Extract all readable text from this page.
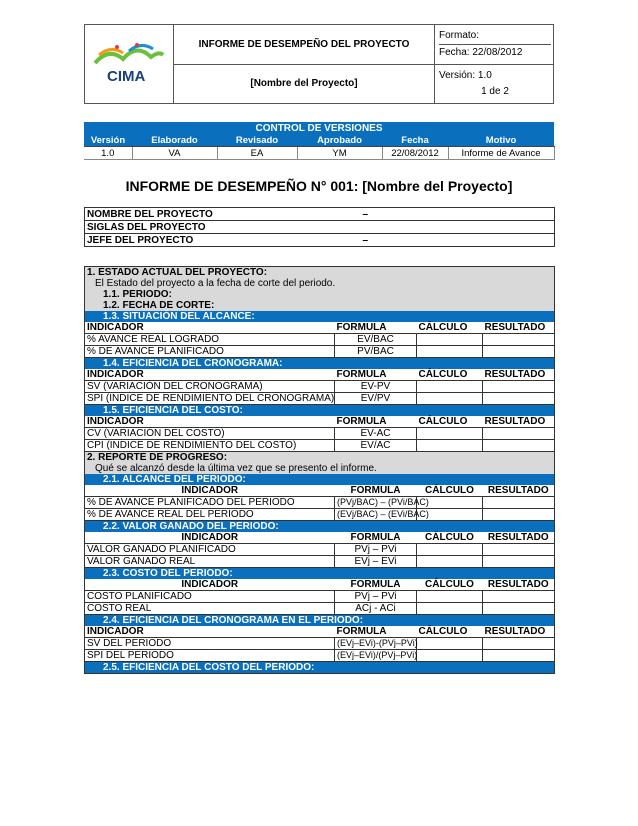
CIMA	INFORME DE DESEMPEÑO DEL PROYECTO	Formato:
Fecha: 22/08/2012

	[Nombre del Proyecto]	Versión: 1.0
1 de 2
CONTROL DE VERSIONES					
Versión	Elaborado	Revisado	Aprobado	Fecha	Motivo
1.0	VA	EA	YM	22/08/2012	Informe de Avance
INFORME DE DESEMPEÑO N° 001: [Nombre del Proyecto]
NOMBRE DEL PROYECTO	–
SIGLAS DEL PROYECTO	
JEFE DEL PROYECTO	–
1. ESTADO ACTUAL DEL PROYECTO:			
El Estado del proyecto a la fecha de corte del periodo.			
1.1. PERIODO:			
1.2. FECHA DE CORTE:			
1.3. SITUACIÓN DEL ALCANCE:			
INDICADOR	FORMULA	CÁLCULO	RESULTADO
% AVANCE REAL LOGRADO	EV/BAC		
% DE AVANCE PLANIFICADO	PV/BAC		
1.4. EFICIENCIA DEL CRONOGRAMA:			
INDICADOR	FORMULA	CÁLCULO	RESULTADO
SV (VARIACIÓN DEL CRONOGRAMA)	EV-PV		
SPI (INDICE DE RENDIMIENTO DEL CRONOGRAMA)	EV/PV		
1.5. EFICIENCIA DEL COSTO:			
INDICADOR	FORMULA	CÁLCULO	RESULTADO
CV (VARIACIÓN DEL COSTO)	EV-AC		
CPI (INDICE DE RENDIMIENTO DEL COSTO)	EV/AC		
2. REPORTE DE PROGRESO:			
Qué se alcanzó desde la última vez que se presento el informe.			
2.1. ALCANCE DEL PERIODO:			
INDICADOR	FORMULA	CÁLCULO	RESULTADO
% DE AVANCE PLANIFICADO DEL PERIODO	(PVj/BAC) – (PVi/BAC)		
% DE AVANCE REAL DEL PERIODO	(EVj/BAC) – (EVi/BAC)		
2.2. VALOR GANADO DEL PERIODO:			
INDICADOR	FORMULA	CÁLCULO	RESULTADO
VALOR GANADO PLANIFICADO	PVj – PVi		
VALOR GANADO REAL	EVj – EVi		
2.3. COSTO DEL PERIODO:			
INDICADOR	FORMULA	CÁLCULO	RESULTADO
COSTO PLANIFICADO	PVj – PVi		
COSTO REAL	ACj - ACi		
2.4. EFICIENCIA DEL CRONOGRAMA EN EL PERIODO:			
INDICADOR	FORMULA	CÁLCULO	RESULTADO
SV DEL PERIODO	(EVj–EVi)-(PVj–PVi)		
SPI DEL PERIODO	(EVj–EVi)/(PVj–PVi)		
2.5. EFICIENCIA DEL COSTO DEL PERIODO:			
